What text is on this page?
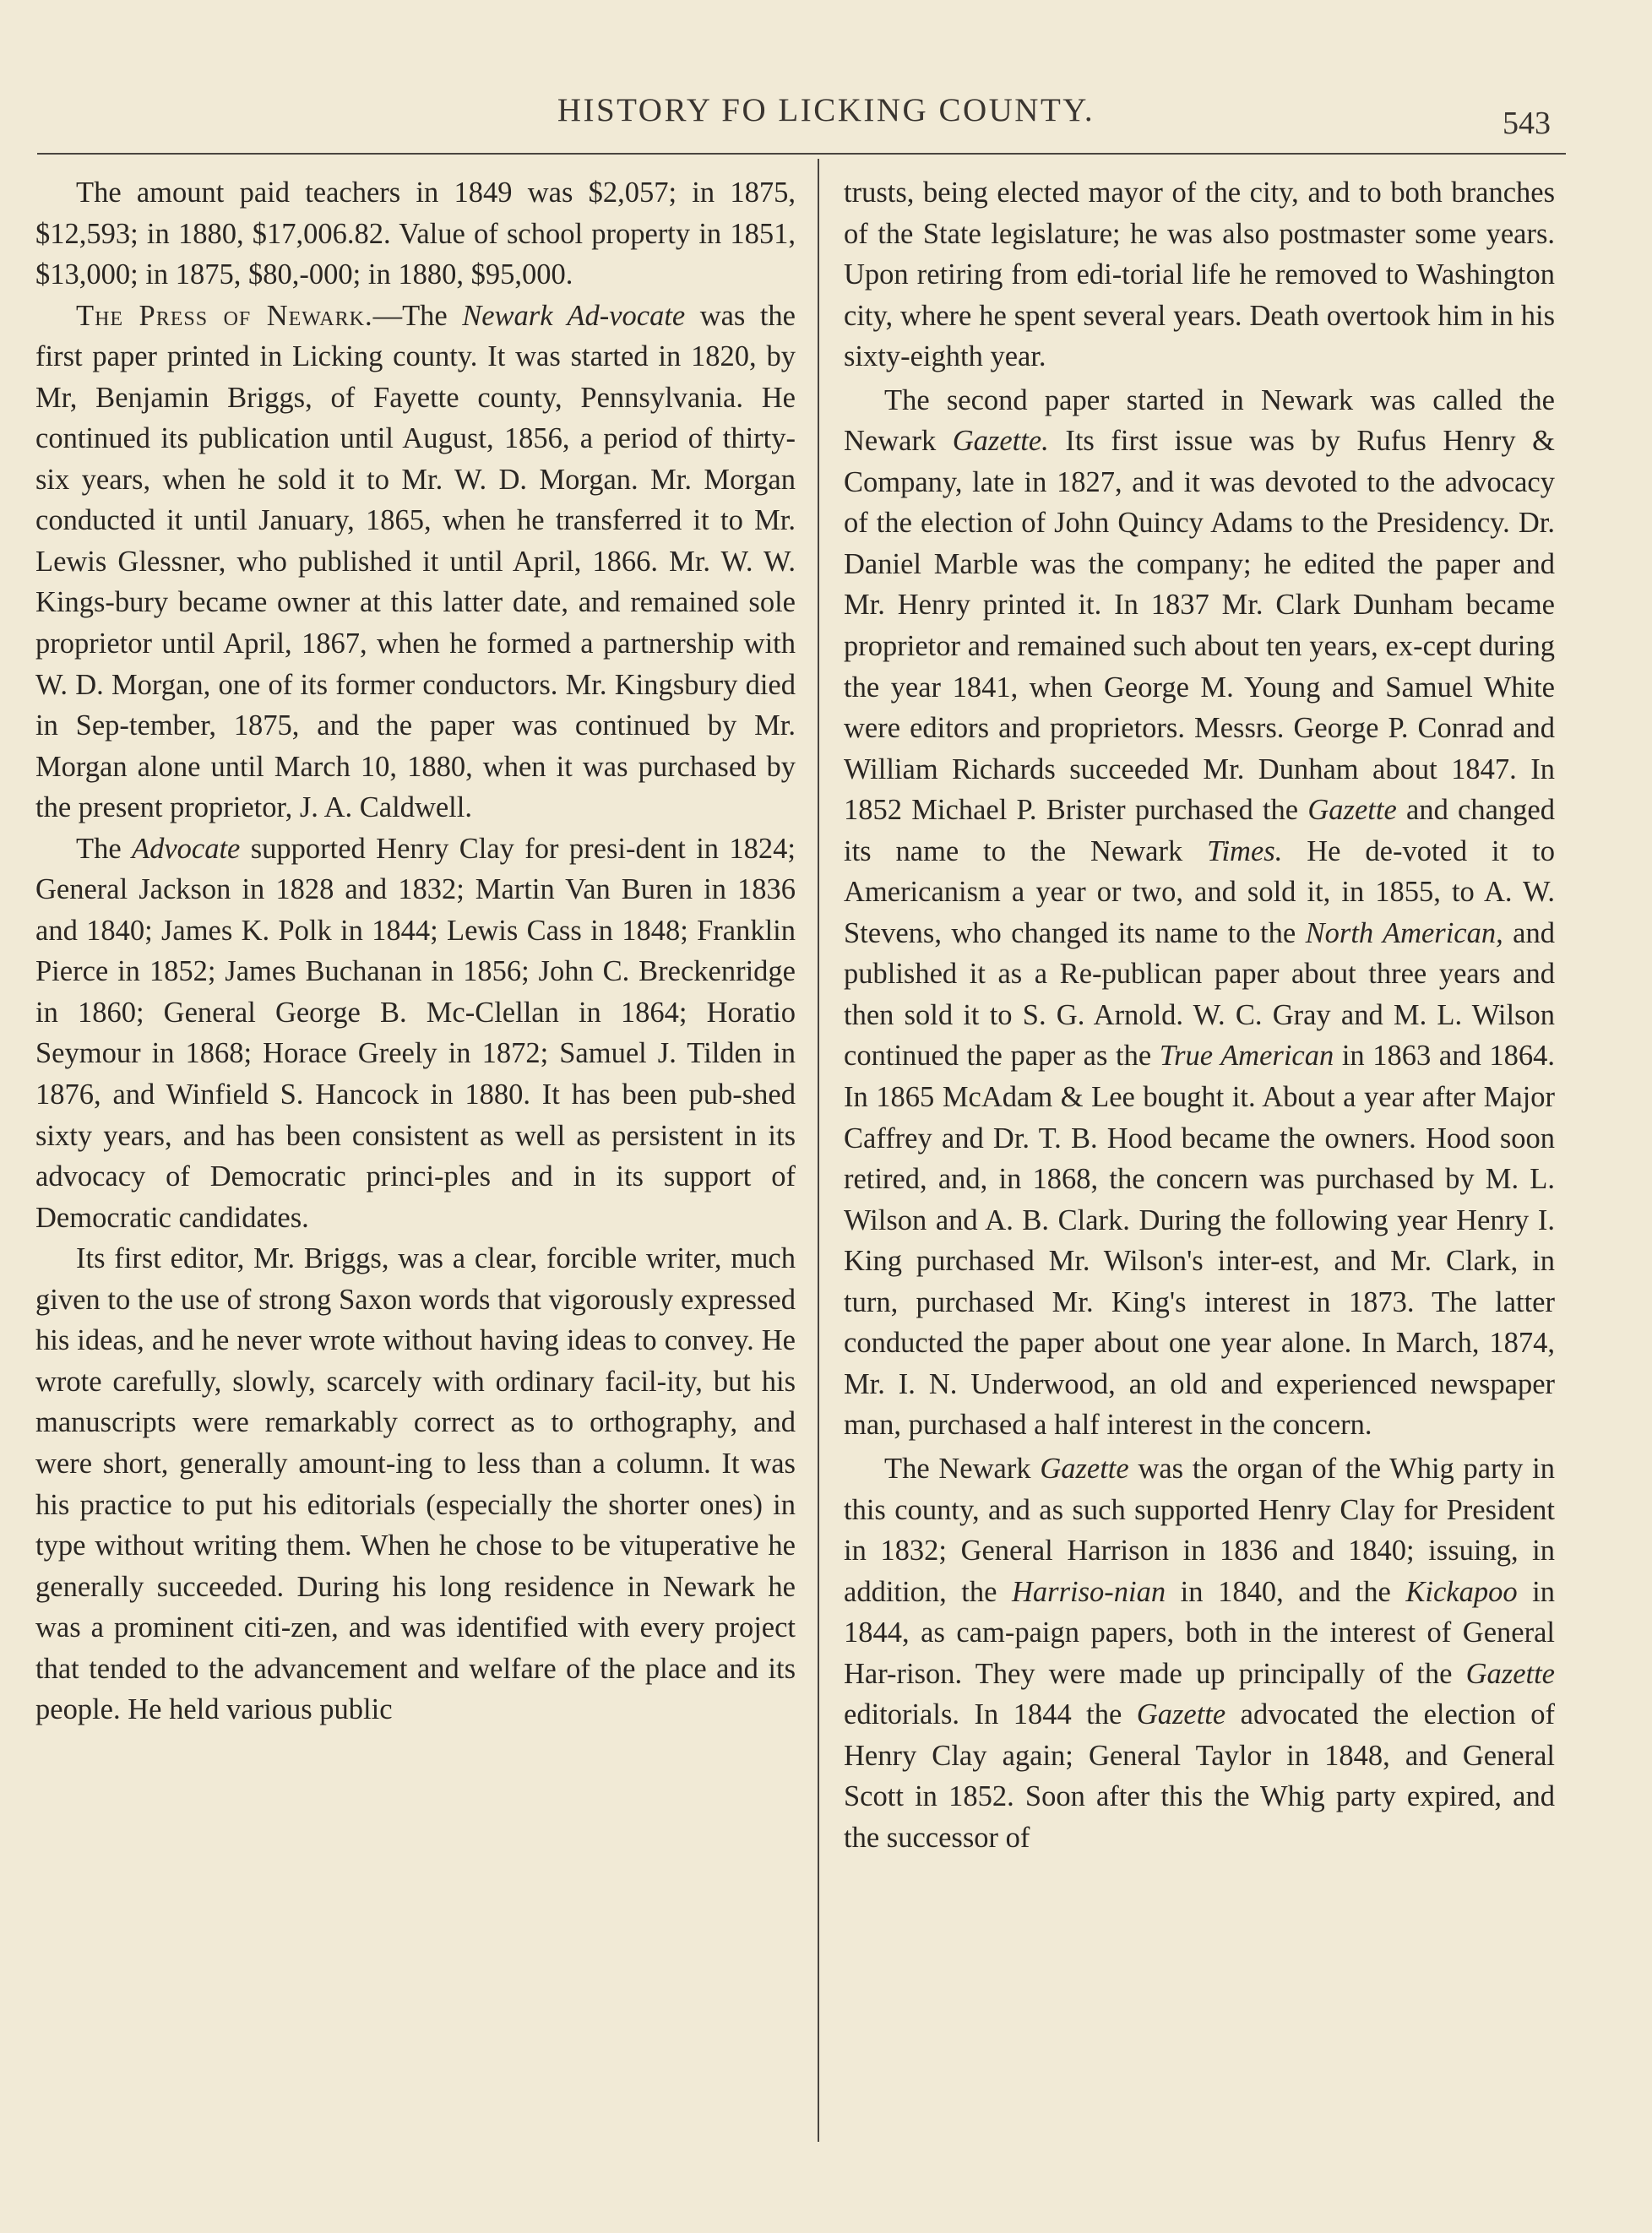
HISTORY FO LICKING COUNTY.	543

The amount paid teachers in 1849 was $2,057; in 1875, $12,593; in 1880, $17,006.82. Value of school property in 1851, $13,000; in 1875, $80,-000; in 1880, $95,000.

The Press of Newark.—The Newark Ad-vocate was the first paper printed in Licking county. It was started in 1820, by Mr, Benjamin Briggs, of Fayette county, Pennsylvania. He continued its publication until August, 1856, a period of thirty-six years, when he sold it to Mr. W. D. Morgan. Mr. Morgan conducted it until January, 1865, when he transferred it to Mr. Lewis Glessner, who published it until April, 1866. Mr. W. W. Kings-bury became owner at this latter date, and remained sole proprietor until April, 1867, when he formed a partnership with W. D. Morgan, one of its former conductors. Mr. Kingsbury died in Sep-tember, 1875, and the paper was continued by Mr. Morgan alone until March 10, 1880, when it was purchased by the present proprietor, J. A. Caldwell.

The Advocate supported Henry Clay for presi-dent in 1824; General Jackson in 1828 and 1832; Martin Van Buren in 1836 and 1840; James K. Polk in 1844; Lewis Cass in 1848; Franklin Pierce in 1852; James Buchanan in 1856; John C. Breckenridge in 1860; General George B. Mc-Clellan in 1864; Horatio Seymour in 1868; Horace Greely in 1872; Samuel J. Tilden in 1876, and Winfield S. Hancock in 1880. It has been pub-shed sixty years, and has been consistent as well as persistent in its advocacy of Democratic princi-ples and in its support of Democratic candidates.

Its first editor, Mr. Briggs, was a clear, forcible writer, much given to the use of strong Saxon words that vigorously expressed his ideas, and he never wrote without having ideas to convey. He wrote carefully, slowly, scarcely with ordinary facil-ity, but his manuscripts were remarkably correct as to orthography, and were short, generally amount-ing to less than a column. It was his practice to put his editorials (especially the shorter ones) in type without writing them. When he chose to be vituperative he generally succeeded. During his long residence in Newark he was a prominent citi-zen, and was identified with every project that tended to the advancement and welfare of the place and its people. He held various public

trusts, being elected mayor of the city, and to both branches of the State legislature; he was also postmaster some years. Upon retiring from edi-torial life he removed to Washington city, where he spent several years. Death overtook him in his sixty-eighth year.

The second paper started in Newark was called the Newark Gazette. Its first issue was by Rufus Henry & Company, late in 1827, and it was devoted to the advocacy of the election of John Quincy Adams to the Presidency. Dr. Daniel Marble was the company; he edited the paper and Mr. Henry printed it. In 1837 Mr. Clark Dunham became proprietor and remained such about ten years, ex-cept during the year 1841, when George M. Young and Samuel White were editors and proprietors. Messrs. George P. Conrad and William Richards succeeded Mr. Dunham about 1847. In 1852 Michael P. Brister purchased the Gazette and changed its name to the Newark Times. He de-voted it to Americanism a year or two, and sold it, in 1855, to A. W. Stevens, who changed its name to the North American, and published it as a Re-publican paper about three years and then sold it to S. G. Arnold. W. C. Gray and M. L. Wilson continued the paper as the True American in 1863 and 1864. In 1865 McAdam & Lee bought it. About a year after Major Caffrey and Dr. T. B. Hood became the owners. Hood soon retired, and, in 1868, the concern was purchased by M. L. Wilson and A. B. Clark. During the following year Henry I. King purchased Mr. Wilson's inter-est, and Mr. Clark, in turn, purchased Mr. King's interest in 1873. The latter conducted the paper about one year alone. In March, 1874, Mr. I. N. Underwood, an old and experienced newspaper man, purchased a half interest in the concern.

The Newark Gazette was the organ of the Whig party in this county, and as such supported Henry Clay for President in 1832; General Harrison in 1836 and 1840; issuing, in addition, the Harriso-nian in 1840, and the Kickapoo in 1844, as cam-paign papers, both in the interest of General Har-rison. They were made up principally of the Gazette editorials. In 1844 the Gazette advocated the election of Henry Clay again; General Taylor in 1848, and General Scott in 1852. Soon after this the Whig party expired, and the successor of
